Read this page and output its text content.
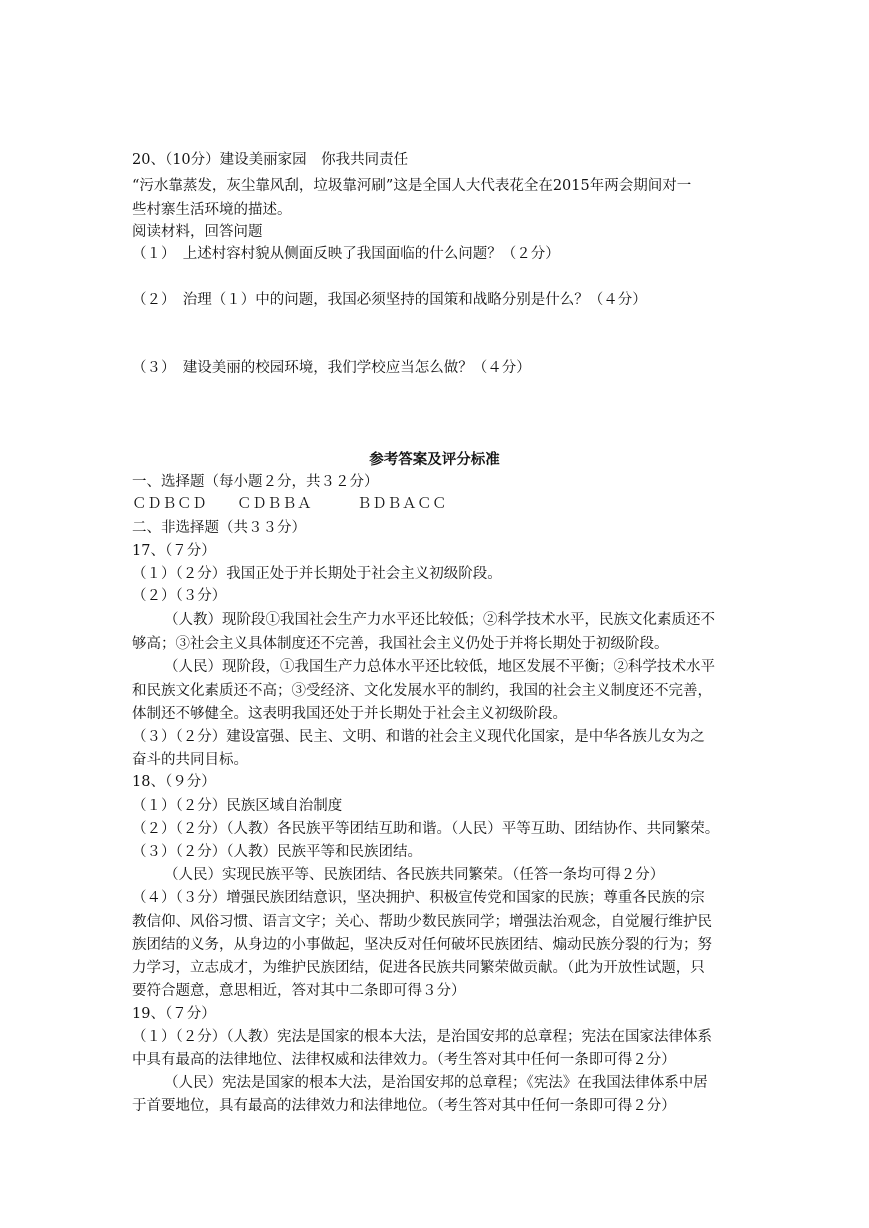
20、（10分）建设美丽家园　你我共同责任
“污水靠蒸发，灰尘靠风刮，垃圾靠河刷”这是全国人大代表花全在2015年两会期间对一
些村寨生活环境的描述。
阅读材料，回答问题
（１）　上述村容村貌从侧面反映了我国面临的什么问题？（２分）
（２）　治理（１）中的问题，我国必须坚持的国策和战略分别是什么？（４分）
（３）　建设美丽的校园环境，我们学校应当怎么做？（４分）
参考答案及评分标准
一、选择题（每小题２分，共３２分）
ＣＤＢＣＤ　　ＣＤＢＢＡ　　　ＢＤＢＡＣＣ
二、非选择题（共３３分）
17、（７分）
（１）（２分）我国正处于并长期处于社会主义初级阶段。
（２）（３分）
（人教）现阶段①我国社会生产力水平还比较低；②科学技术水平，民族文化素质还不
够高；③社会主义具体制度还不完善，我国社会主义仍处于并将长期处于初级阶段。
（人民）现阶段，①我国生产力总体水平还比较低，地区发展不平衡；②科学技术水平
和民族文化素质还不高；③受经济、文化发展水平的制约，我国的社会主义制度还不完善，
体制还不够健全。这表明我国还处于并长期处于社会主义初级阶段。
（３）（２分）建设富强、民主、文明、和谐的社会主义现代化国家，是中华各族儿女为之
奋斗的共同目标。
18、（９分）
（１）（２分）民族区域自治制度
（２）（２分）（人教）各民族平等团结互助和谐。（人民）平等互助、团结协作、共同繁荣。
（３）（２分）（人教）民族平等和民族团结。
（人民）实现民族平等、民族团结、各民族共同繁荣。（任答一条均可得２分）
（４）（３分）增强民族团结意识，坚决拥护、积极宣传党和国家的民族；尊重各民族的宗
教信仰、风俗习惯、语言文字；关心、帮助少数民族同学；增强法治观念，自觉履行维护民
族团结的义务，从身边的小事做起，坚决反对任何破坏民族团结、煽动民族分裂的行为；努
力学习，立志成才，为维护民族团结，促进各民族共同繁荣做贡献。（此为开放性试题，只
要符合题意，意思相近，答对其中二条即可得３分）
19、（７分）
（１）（２分）（人教）宪法是国家的根本大法，是治国安邦的总章程；宪法在国家法律体系
中具有最高的法律地位、法律权威和法律效力。（考生答对其中任何一条即可得２分）
（人民）宪法是国家的根本大法，是治国安邦的总章程；《宪法》在我国法律体系中居
于首要地位，具有最高的法律效力和法律地位。（考生答对其中任何一条即可得２分）
